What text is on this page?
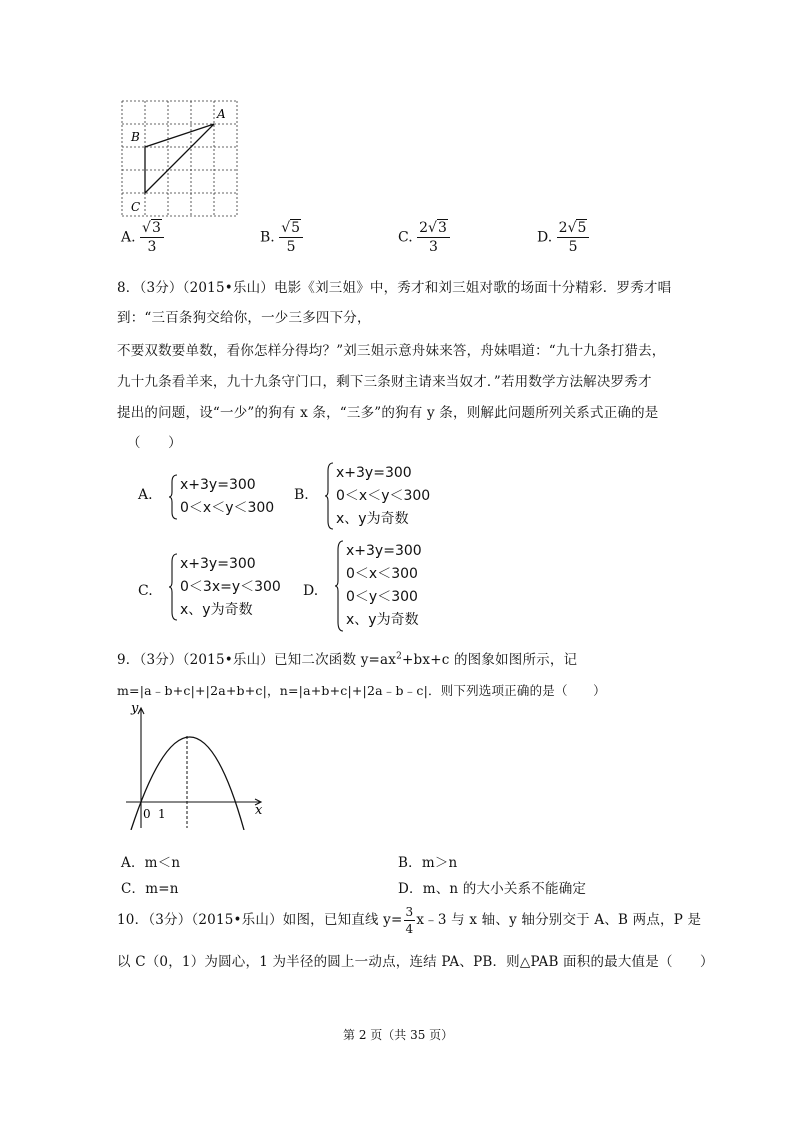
A
B
C
A. $\frac{√3}{3}$	B. $\frac{√5}{5}$	C. $\frac{2√3}{3}$	D. $\frac{2√5}{5}$
8．（3分）（2015•乐山）电影《刘三姐》中，秀才和刘三姐对歌的场面十分精彩．罗秀才唱
到：“三百条狗交给你，一少三多四下分，
不要双数要单数，看你怎样分得均？”刘三姐示意舟妹来答，舟妹唱道：“九十九条打猎去，
九十九条看羊来，九十九条守门口，剩下三条财主请来当奴才．”若用数学方法解决罗秀才
提出的问题，设“一少”的狗有 x 条，“三多”的狗有 y 条，则解此问题所列关系式正确的是
（　　）
A.
x+3y=300
0＜x＜y＜300
B.
x+3y=300
0＜x＜y＜300
x、y为奇数
C.
x+3y=300
0＜3x=y＜300
x、y为奇数
D.
x+3y=300
0＜x＜300
0＜y＜300
x、y为奇数
9．（3分）（2015•乐山）已知二次函数 $y=ax^2+bx+c$ 的图象如图所示，记
m=|a﹣b+c|+|2a+b+c|，n=|a+b+c|+|2a﹣b﹣c|．则下列选项正确的是（　　）
y
x
0 1
A．m＜n	B．m＞n
C．m=n	D．m、n 的大小关系不能确定
10．（3分）（2015•乐山）如图，已知直线 $y= \frac{3}{4}$ x﹣3 与 x 轴、y 轴分别交于 A、B 两点，P 是
以 C（0，1）为圆心，1 为半径的圆上一动点，连结 PA、PB．则△PAB 面积的最大值是（　　）
第 2 页（共 35 页）
